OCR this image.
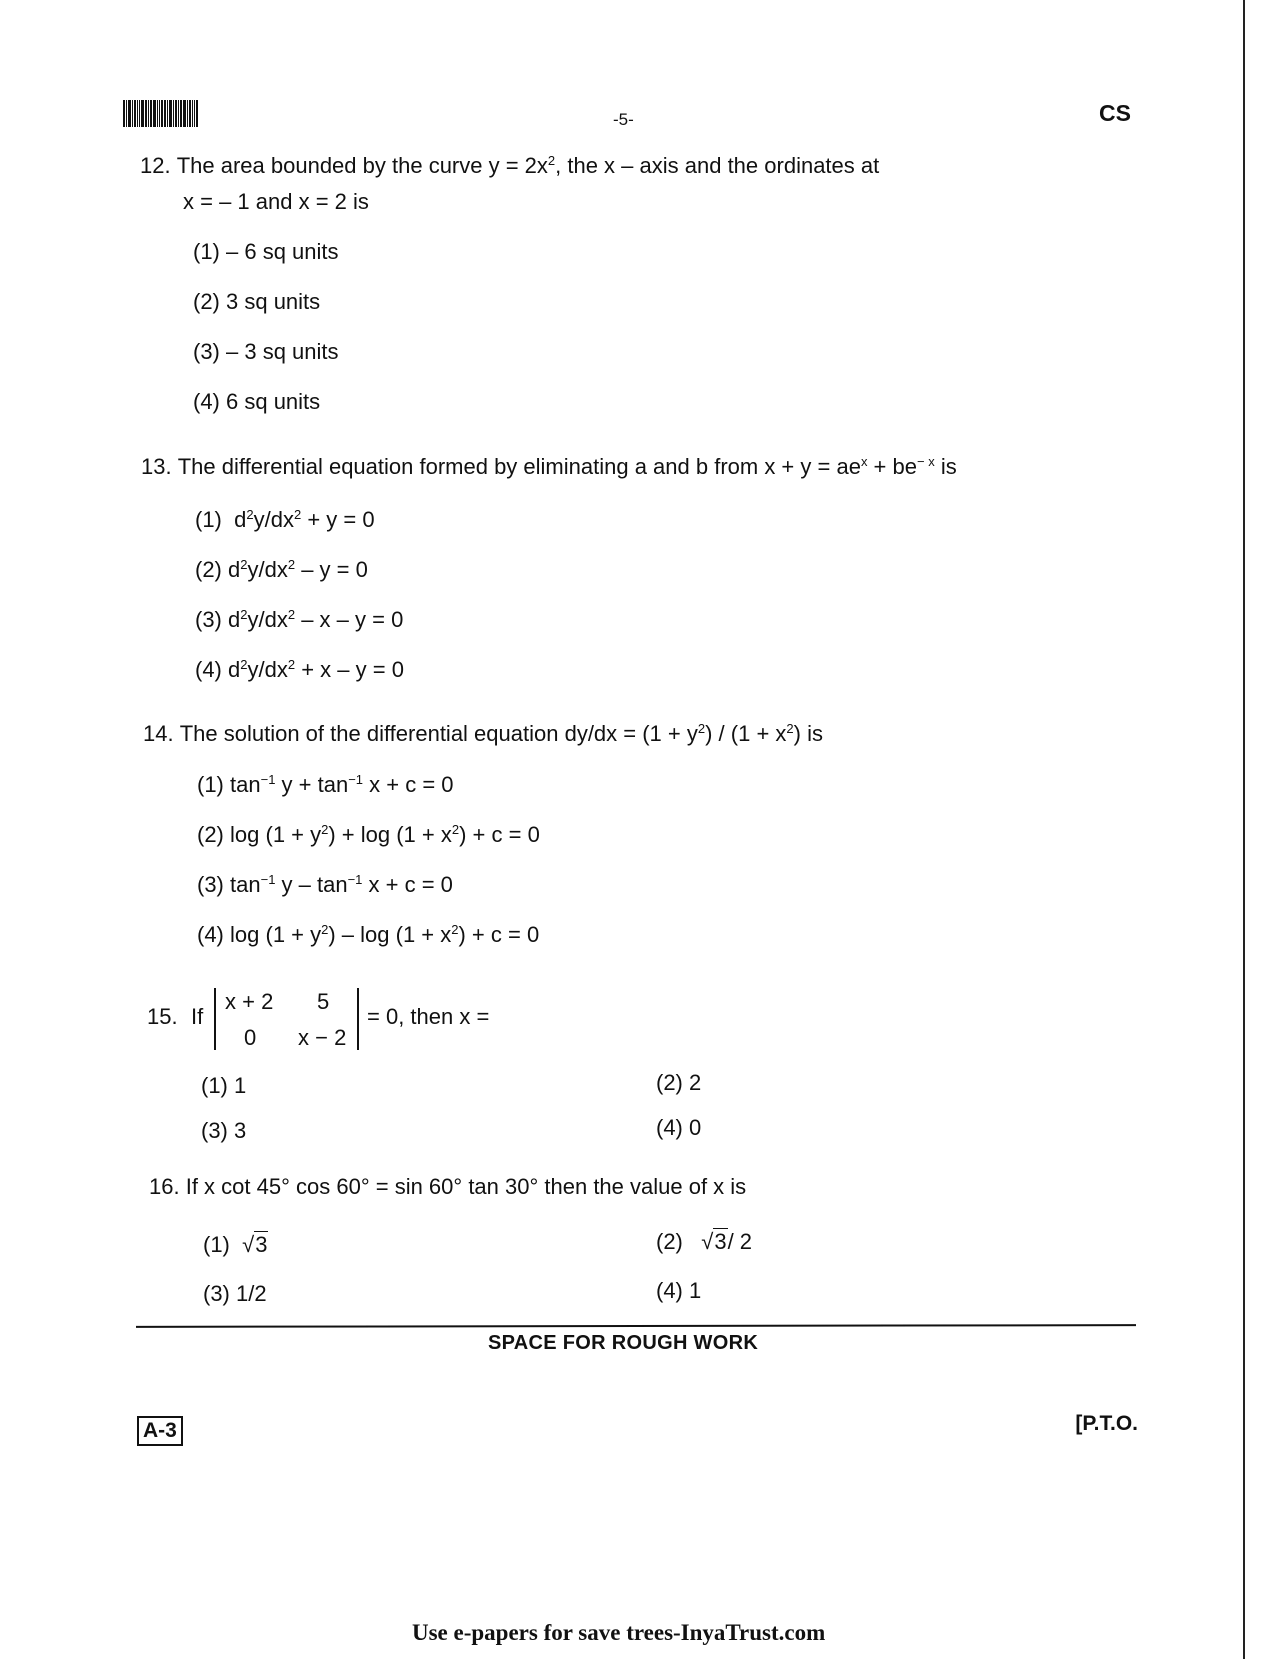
-5-	CS
12. The area bounded by the curve $y = 2x^2$, the x – axis and the ordinates at
x = – 1 and x = 2 is
(1) – 6 sq units
(2) 3 sq units
(3) – 3 sq units
(4) 6 sq units
13. The differential equation formed by eliminating a and b from $x + y = ae^x + be^{- x}$ is
(1) $d^2y/dx^2 + y = 0$
(2) $d^2y/dx^2 - y = 0$
(3) $d^2y/dx^2 - x - y = 0$
(4) $d^2y/dx^2 + x - y = 0$
14. The solution of the differential equation $dy/dx = (1 + y^2) / (1 + x^2)$ is
(1) $\tan^{-1} y + \tan^{-1} x + c = 0$
(2) $\log (1 + y^2) + \log (1 + x^2) + c = 0$
(3) $\tan^{-1} y - \tan^{-1} x + c = 0$
(4) $\log (1 + y^2) - \log (1 + x^2) + c = 0$
15. If
x + 2 5
0 x − 2
= 0, then x =
(1) 1	(2) 2
(3) 3	(4) 0
16. If x cot 45° cos 60° = sin 60° tan 30° then the value of x is
(1) √3	(2) √3/ 2
(3) 1/2	(4) 1
SPACE FOR ROUGH WORK
A-3	[P.T.O.
Use e-papers for save trees-InyaTrust.com
